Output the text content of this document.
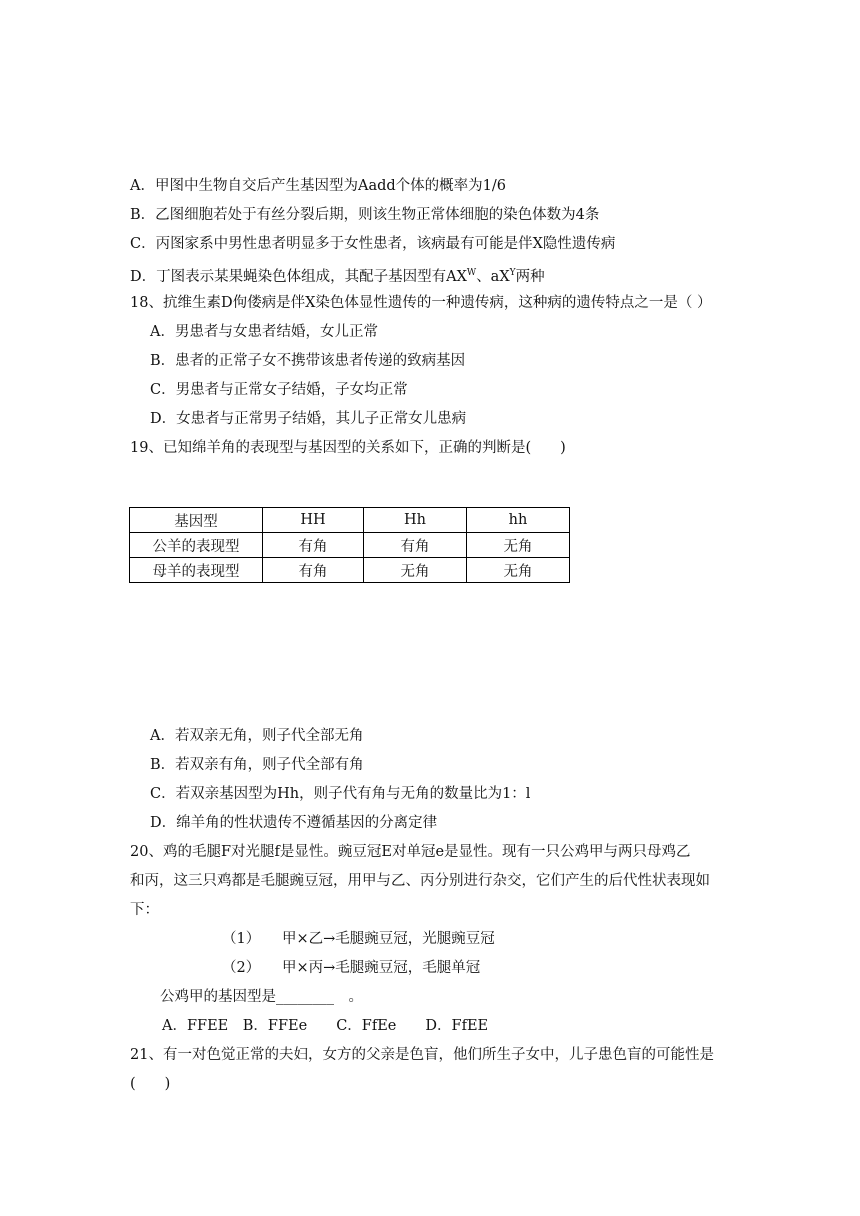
A．甲图中生物自交后产生基因型为Aadd个体的概率为1/6
B．乙图细胞若处于有丝分裂后期，则该生物正常体细胞的染色体数为4条
C．丙图家系中男性患者明显多于女性患者，该病最有可能是伴X隐性遗传病
D．丁图表示某果蝇染色体组成，其配子基因型有$AX^W$、$aX^Y$两种
18、抗维生素D佝偻病是伴X染色体显性遗传的一种遗传病，这种病的遗传特点之一是（ ）
A．男患者与女患者结婚，女儿正常
B．患者的正常子女不携带该患者传递的致病基因
C．男患者与正常女子结婚，子女均正常
D．女患者与正常男子结婚，其儿子正常女儿患病
19、已知绵羊角的表现型与基因型的关系如下，正确的判断是(　　)
基因型	HH	Hh	hh
公羊的表现型	有角	有角	无角
母羊的表现型	有角	无角	无角
A．若双亲无角，则子代全部无角
B．若双亲有角，则子代全部有角
C．若双亲基因型为Hh，则子代有角与无角的数量比为1：l
D．绵羊角的性状遗传不遵循基因的分离定律
20、鸡的毛腿F对光腿f是显性。豌豆冠E对单冠e是显性。现有一只公鸡甲与两只母鸡乙
和丙，这三只鸡都是毛腿豌豆冠，用甲与乙、丙分别进行杂交，它们产生的后代性状表现如
下：
（1）　　甲×乙→毛腿豌豆冠，光腿豌豆冠
（2）　　甲×丙→毛腿豌豆冠，毛腿单冠
公鸡甲的基因型是________　。
A．FFEE　B．FFEe　　C．FfEe　　D．FfEE
21、有一对色觉正常的夫妇，女方的父亲是色盲，他们所生子女中，儿子患色盲的可能性是
(　　)
